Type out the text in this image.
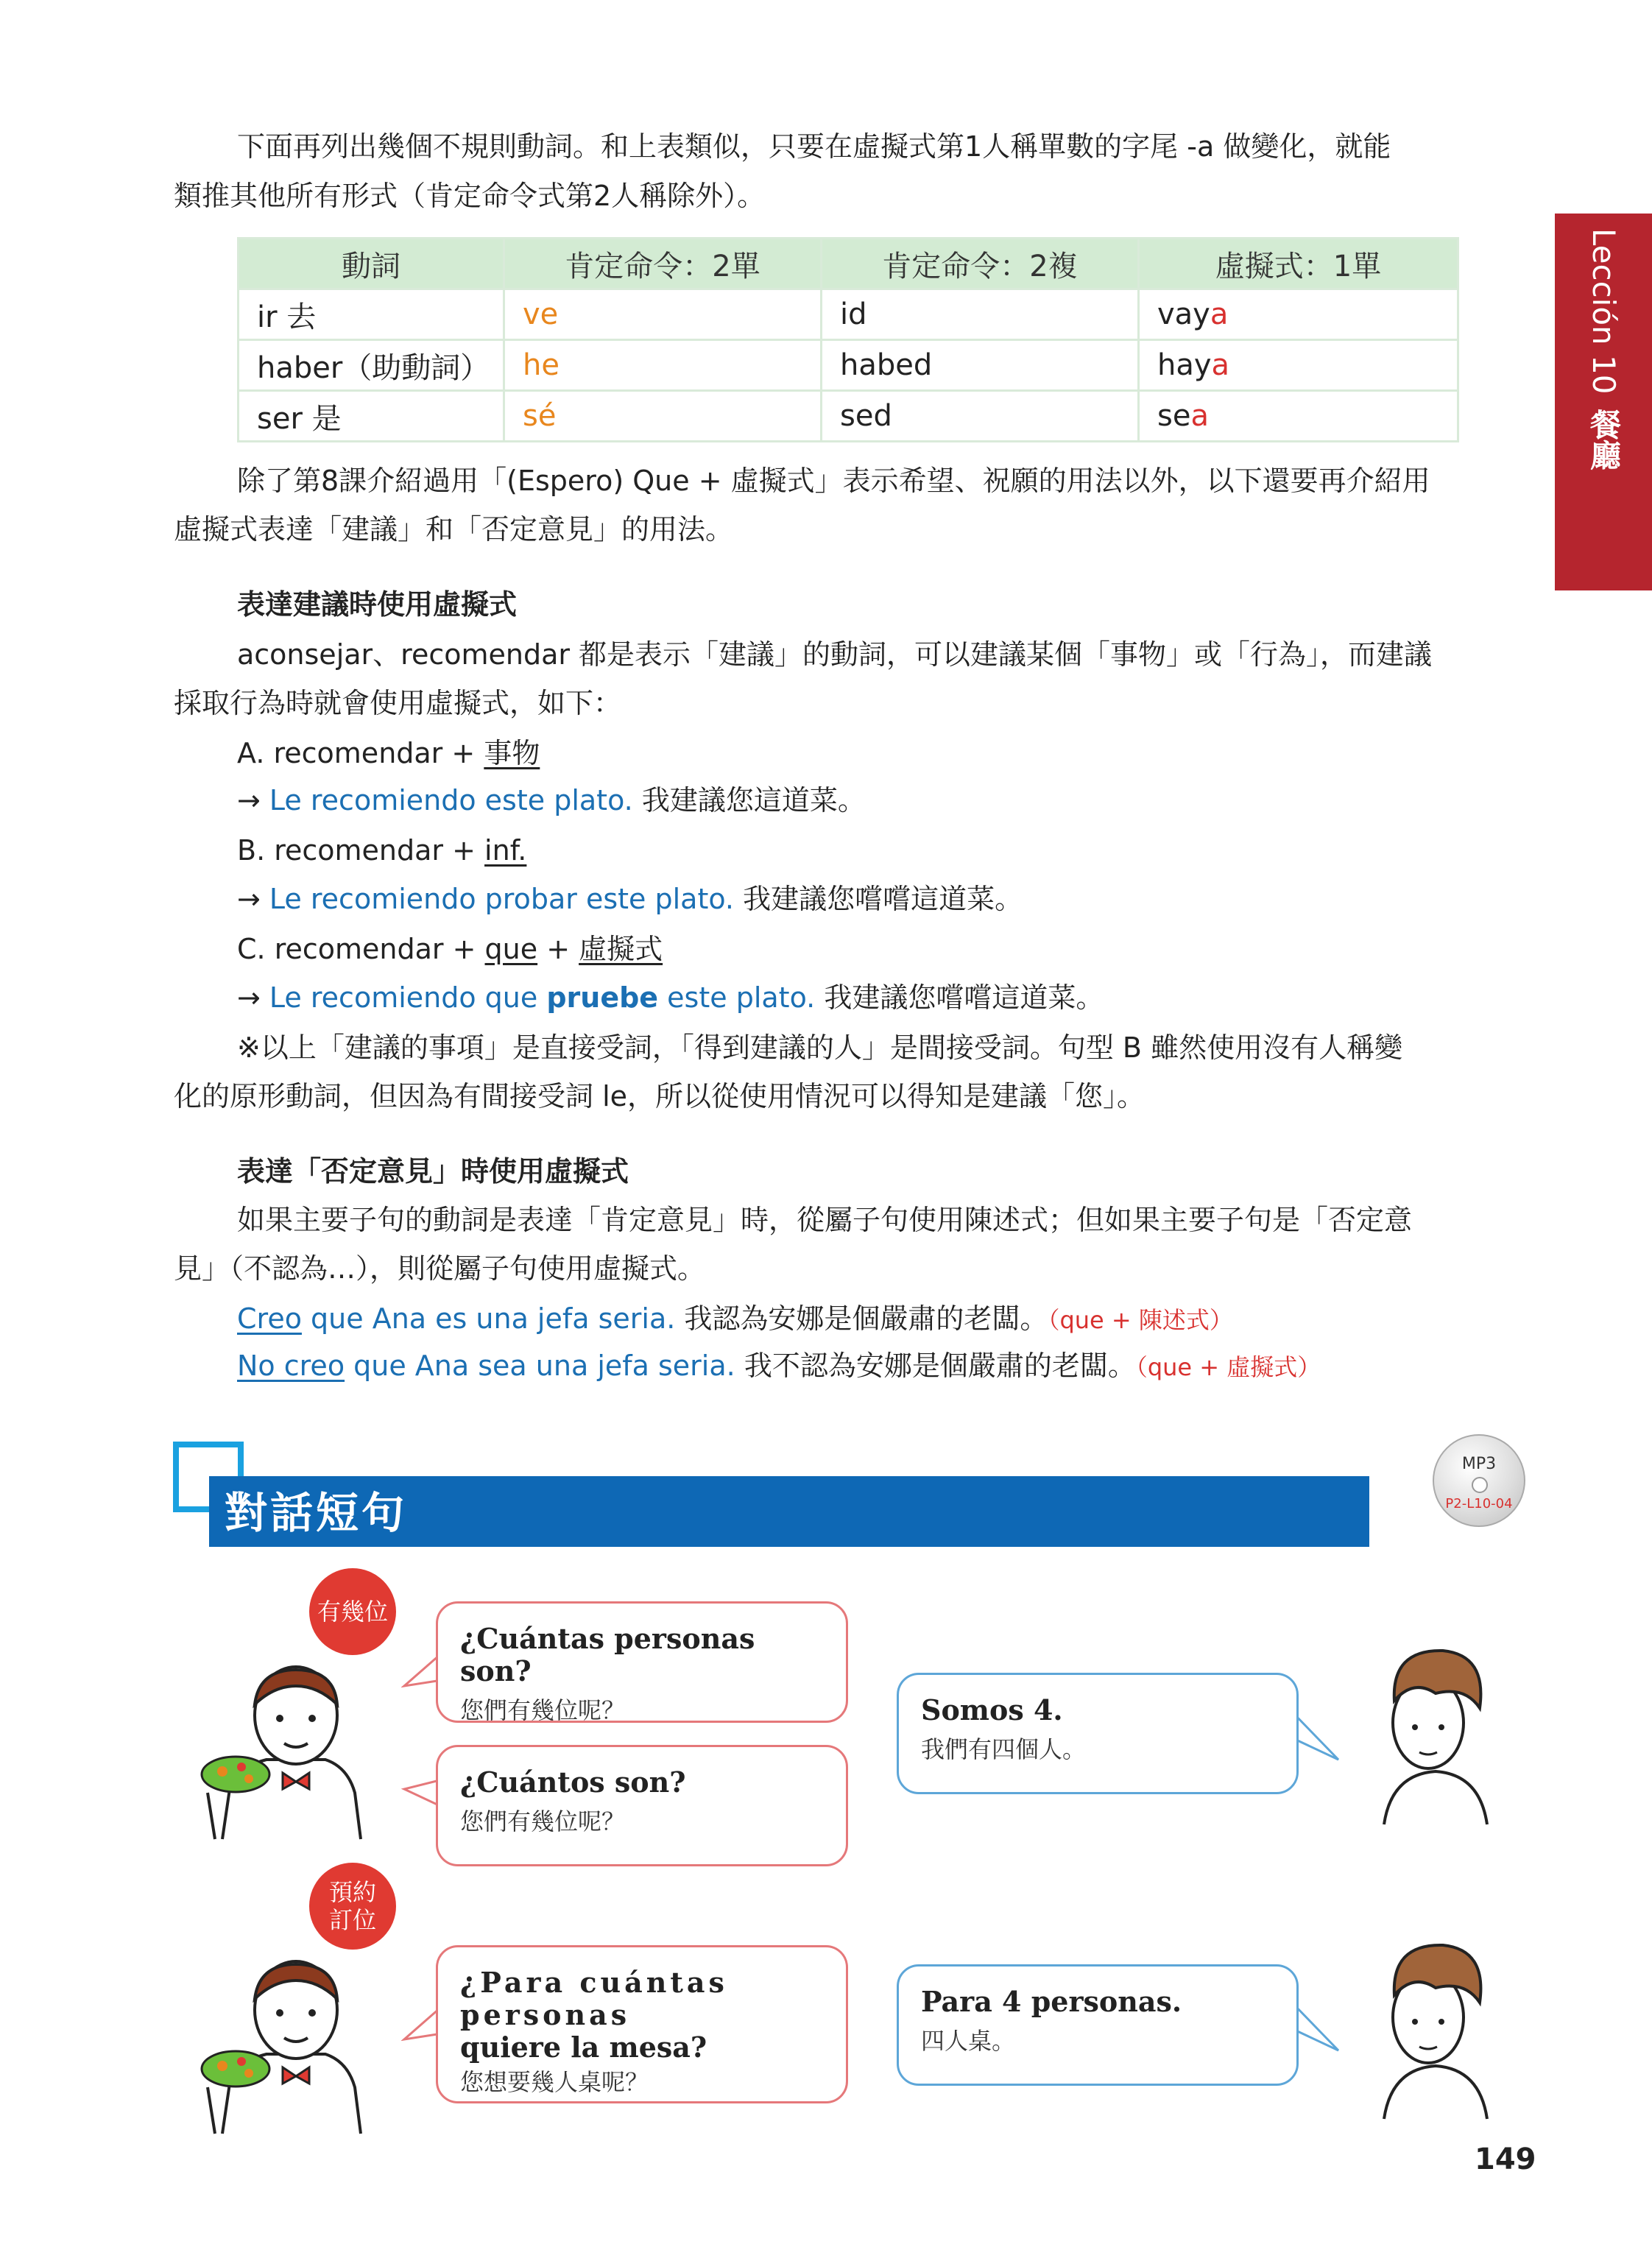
Lección 10
餐廳
下面再列出幾個不規則動詞。和上表類似，只要在虛擬式第1人稱單數的字尾 -a 做變化，就能
類推其他所有形式（肯定命令式第2人稱除外）。
動詞	肯定命令：2單	肯定命令：2複	虛擬式：1單
ir 去	ve	id	vaya
haber（助動詞）	he	habed	haya
ser 是	sé	sed	sea
除了第8課介紹過用「(Espero) Que + 虛擬式」表示希望、祝願的用法以外，以下還要再介紹用
虛擬式表達「建議」和「否定意見」的用法。
表達建議時使用虛擬式
aconsejar、recomendar 都是表示「建議」的動詞，可以建議某個「事物」或「行為」，而建議
採取行為時就會使用虛擬式，如下：
A. recomendar + 事物
→ Le recomiendo este plato. 我建議您這道菜。
B. recomendar + inf.
→ Le recomiendo probar este plato. 我建議您嚐嚐這道菜。
C. recomendar + que + 虛擬式
→ Le recomiendo que pruebe este plato. 我建議您嚐嚐這道菜。
※以上「建議的事項」是直接受詞，「得到建議的人」是間接受詞。句型 B 雖然使用沒有人稱變
化的原形動詞，但因為有間接受詞 le，所以從使用情況可以得知是建議「您」。
表達「否定意見」時使用虛擬式
如果主要子句的動詞是表達「肯定意見」時，從屬子句使用陳述式；但如果主要子句是「否定意
見」（不認為…），則從屬子句使用虛擬式。
Creo que Ana es una jefa seria. 我認為安娜是個嚴肅的老闆。（que + 陳述式）
No creo que Ana sea una jefa seria. 我不認為安娜是個嚴肅的老闆。（que + 虛擬式）
對話短句
MP3
P2-L10-04
有幾位
預約
訂位
¿Cuántas personas son?
您們有幾位呢？
¿Cuántos son?
您們有幾位呢？
Somos 4.
我們有四個人。
¿Para cuántas personas
quiere la mesa?
您想要幾人桌呢？
Para 4 personas.
四人桌。
149
